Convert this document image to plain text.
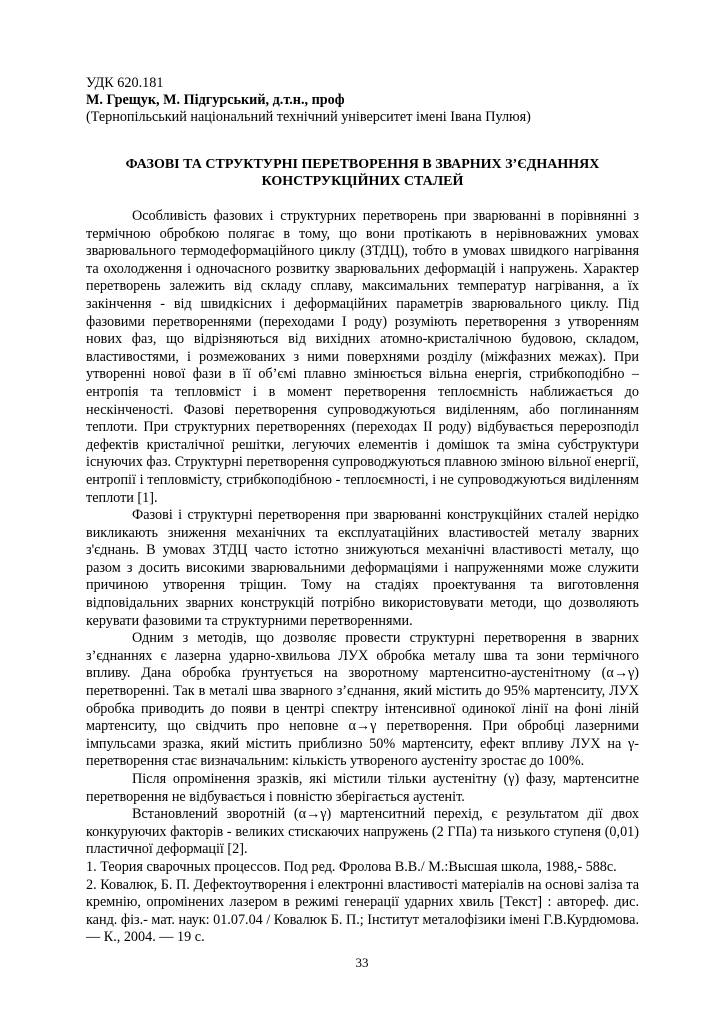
УДК 620.181
М. Грещук, М. Підгурський, д.т.н., проф
(Тернопільський національний технічний університет імені Івана Пулюя)
ФАЗОВІ ТА СТРУКТУРНІ ПЕРЕТВОРЕННЯ В ЗВАРНИХ З’ЄДНАННЯХ
КОНСТРУКЦІЙНИХ СТАЛЕЙ

Особливість фазових і структурних перетворень при зварюванні в порівнянні з термічною обробкою полягає в тому, що вони протікають в нерівноважних умовах зварювального термодеформаційного циклу (ЗТДЦ), тобто в умовах швидкого нагрівання та охолодження і одночасного розвитку зварювальних деформацій і напружень. Характер перетворень залежить від складу сплаву, максимальних температур нагрівання, а їх закінчення - від швидкісних і деформаційних параметрів зварювального циклу. Під фазовими перетвореннями (переходами I роду) розуміють перетворення з утворенням нових фаз, що відрізняються від вихідних атомно-кристалічною будовою, складом, властивостями, і розмежованих з ними поверхнями розділу (міжфазних межах). При утворенні нової фази в її об’ємі плавно змінюється вільна енергія, стрибкоподібно – ентропія та тепловміст і в момент перетворення теплоємність наближається до нескінченості. Фазові перетворення супроводжуються виділенням, або поглинанням теплоти. При структурних перетвореннях (переходах II роду) відбувається перерозподіл дефектів кристалічної решітки, легуючих елементів і домішок та зміна субструктури існуючих фаз. Структурні перетворення супроводжуються плавною зміною вільної енергії, ентропії і тепловмісту, стрибкоподібною - теплоємності, і не супроводжуються виділенням теплоти [1].

Фазові і структурні перетворення при зварюванні конструкційних сталей нерідко викликають зниження механічних та експлуатаційних властивостей металу зварних з'єднань. В умовах ЗТДЦ часто істотно знижуються механічні властивості металу, що разом з досить високими зварювальними деформаціями і напруженнями може служити причиною утворення тріщин. Тому на стадіях проектування та виготовлення відповідальних зварних конструкцій потрібно використовувати методи, що дозволяють керувати фазовими та структурними перетвореннями.

Одним з методів, що дозволяє провести структурні перетворення в зварних з’єднаннях є лазерна ударно-хвильова ЛУХ обробка металу шва та зони термічного впливу. Дана обробка ґрунтується на зворотному мартенситно-аустенітному (α→γ) перетворенні. Так в металі шва зварного з’єднання, який містить до 95% мартенситу, ЛУХ обробка приводить до появи в центрі спектру інтенсивної одинокої лінії на фоні ліній мартенситу, що свідчить про неповне α→γ перетворення. При обробці лазерними імпульсами зразка, який містить приблизно 50% мартенситу, ефект впливу ЛУХ на γ-перетворення стає визначальним: кількість утвореного аустеніту зростає до 100%.

Після опромінення зразків, які містили тільки аустенітну (γ) фазу, мартенситне перетворення не відбувається і повністю зберігається аустеніт.

Встановлений зворотній (α→γ) мартенситний перехід, є результатом дії двох конкуруючих факторів - великих стискаючих напружень (2 ГПа) та низького ступеня (0,01) пластичної деформації [2].

1. Теория сварочных процессов. Под ред. Фролова В.В./ М.:Высшая школа, 1988,- 588с.

2. Ковалюк, Б. П. Дефектоутворення і електронні властивості матеріалів на основі заліза та кремнію, опромінених лазером в режимі генерації ударних хвиль [Текст] : автореф. дис. канд. фіз.- мат. наук: 01.07.04 / Ковалюк Б. П.; Інститут металофізики імені Г.В.Курдюмова. — К., 2004. — 19 с.

33
